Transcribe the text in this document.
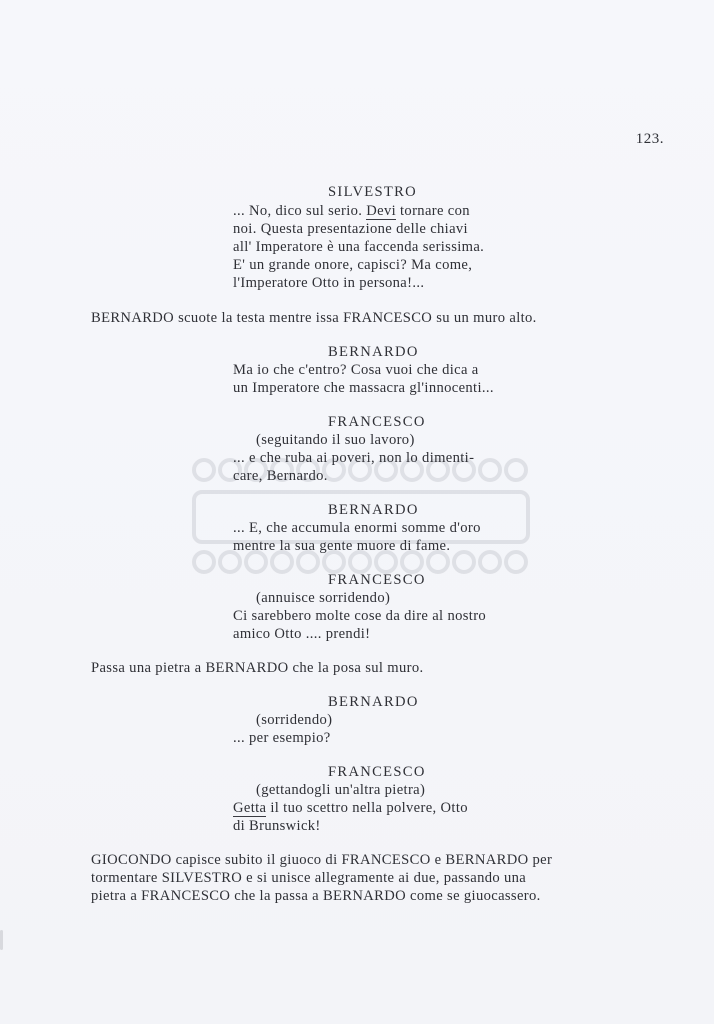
123.
SILVESTRO
... No, dico sul serio. Devi tornare con
noi. Questa presentazione delle chiavi
all' Imperatore è una faccenda serissima.
E' un grande onore, capisci? Ma come,
l'Imperatore Otto in persona!...
BERNARDO scuote la testa mentre issa FRANCESCO su un muro alto.
BERNARDO
Ma io che c'entro? Cosa vuoi che dica a
un Imperatore che massacra gl'innocenti...
FRANCESCO
(seguitando il suo lavoro)
... e che ruba ai poveri, non lo dimenti-
care, Bernardo.
BERNARDO
... E, che accumula enormi somme d'oro
mentre la sua gente muore di fame.
FRANCESCO
(annuisce sorridendo)
Ci sarebbero molte cose da dire al nostro
amico Otto .... prendi!
Passa una pietra a BERNARDO che la posa sul muro.
BERNARDO
(sorridendo)
... per esempio?
FRANCESCO
(gettandogli un'altra pietra)
Getta il tuo scettro nella polvere, Otto
di Brunswick!
GIOCONDO capisce subito il giuoco di FRANCESCO e BERNARDO per
tormentare SILVESTRO e si unisce allegramente ai due, passando una
pietra a FRANCESCO che la passa a BERNARDO come se giuocassero.
